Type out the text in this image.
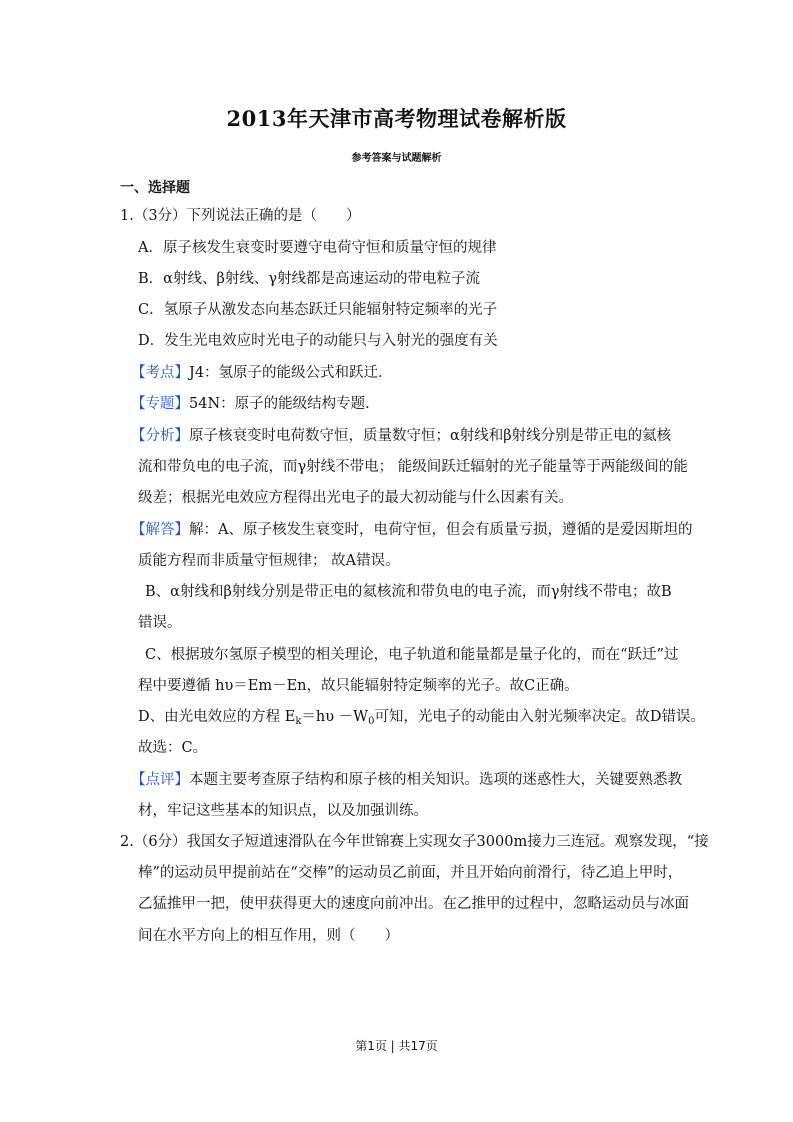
2013年天津市高考物理试卷解析版
参考答案与试题解析
一、选择题
1.（3分）下列说法正确的是（　　）
A．原子核发生衰变时要遵守电荷守恒和质量守恒的规律
B．α射线、β射线、γ射线都是高速运动的带电粒子流
C．氢原子从激发态向基态跃迁只能辐射特定频率的光子
D．发生光电效应时光电子的动能只与入射光的强度有关
【考点】J4：氢原子的能级公式和跃迁．
【专题】54N：原子的能级结构专题．
【分析】原子核衰变时电荷数守恒，质量数守恒；α射线和β射线分别是带正电的氦核
流和带负电的电子流，而γ射线不带电； 能级间跃迁辐射的光子能量等于两能级间的能
级差；根据光电效应方程得出光电子的最大初动能与什么因素有关。
【解答】解：A、原子核发生衰变时，电荷守恒，但会有质量亏损，遵循的是爱因斯坦的
质能方程而非质量守恒规律； 故A错误。
B、α射线和β射线分别是带正电的氦核流和带负电的电子流，而γ射线不带电；故B
错误。
C、根据玻尔氢原子模型的相关理论，电子轨道和能量都是量子化的，而在“跃迁”过
程中要遵循 hυ＝Em－En，故只能辐射特定频率的光子。故C正确。
D、由光电效应的方程 $E_k=h\upsilon -W_0$可知，光电子的动能由入射光频率决定。故D错误。
故选：C。
【点评】本题主要考查原子结构和原子核的相关知识。选项的迷惑性大，关键要熟悉教
材，牢记这些基本的知识点，以及加强训练。
2.（6分）我国女子短道速滑队在今年世锦赛上实现女子3000m接力三连冠。观察发现，“接
棒”的运动员甲提前站在“交棒”的运动员乙前面，并且开始向前滑行，待乙追上甲时，
乙猛推甲一把，使甲获得更大的速度向前冲出。在乙推甲的过程中，忽略运动员与冰面
间在水平方向上的相互作用，则（　　）
第1页 | 共17页
